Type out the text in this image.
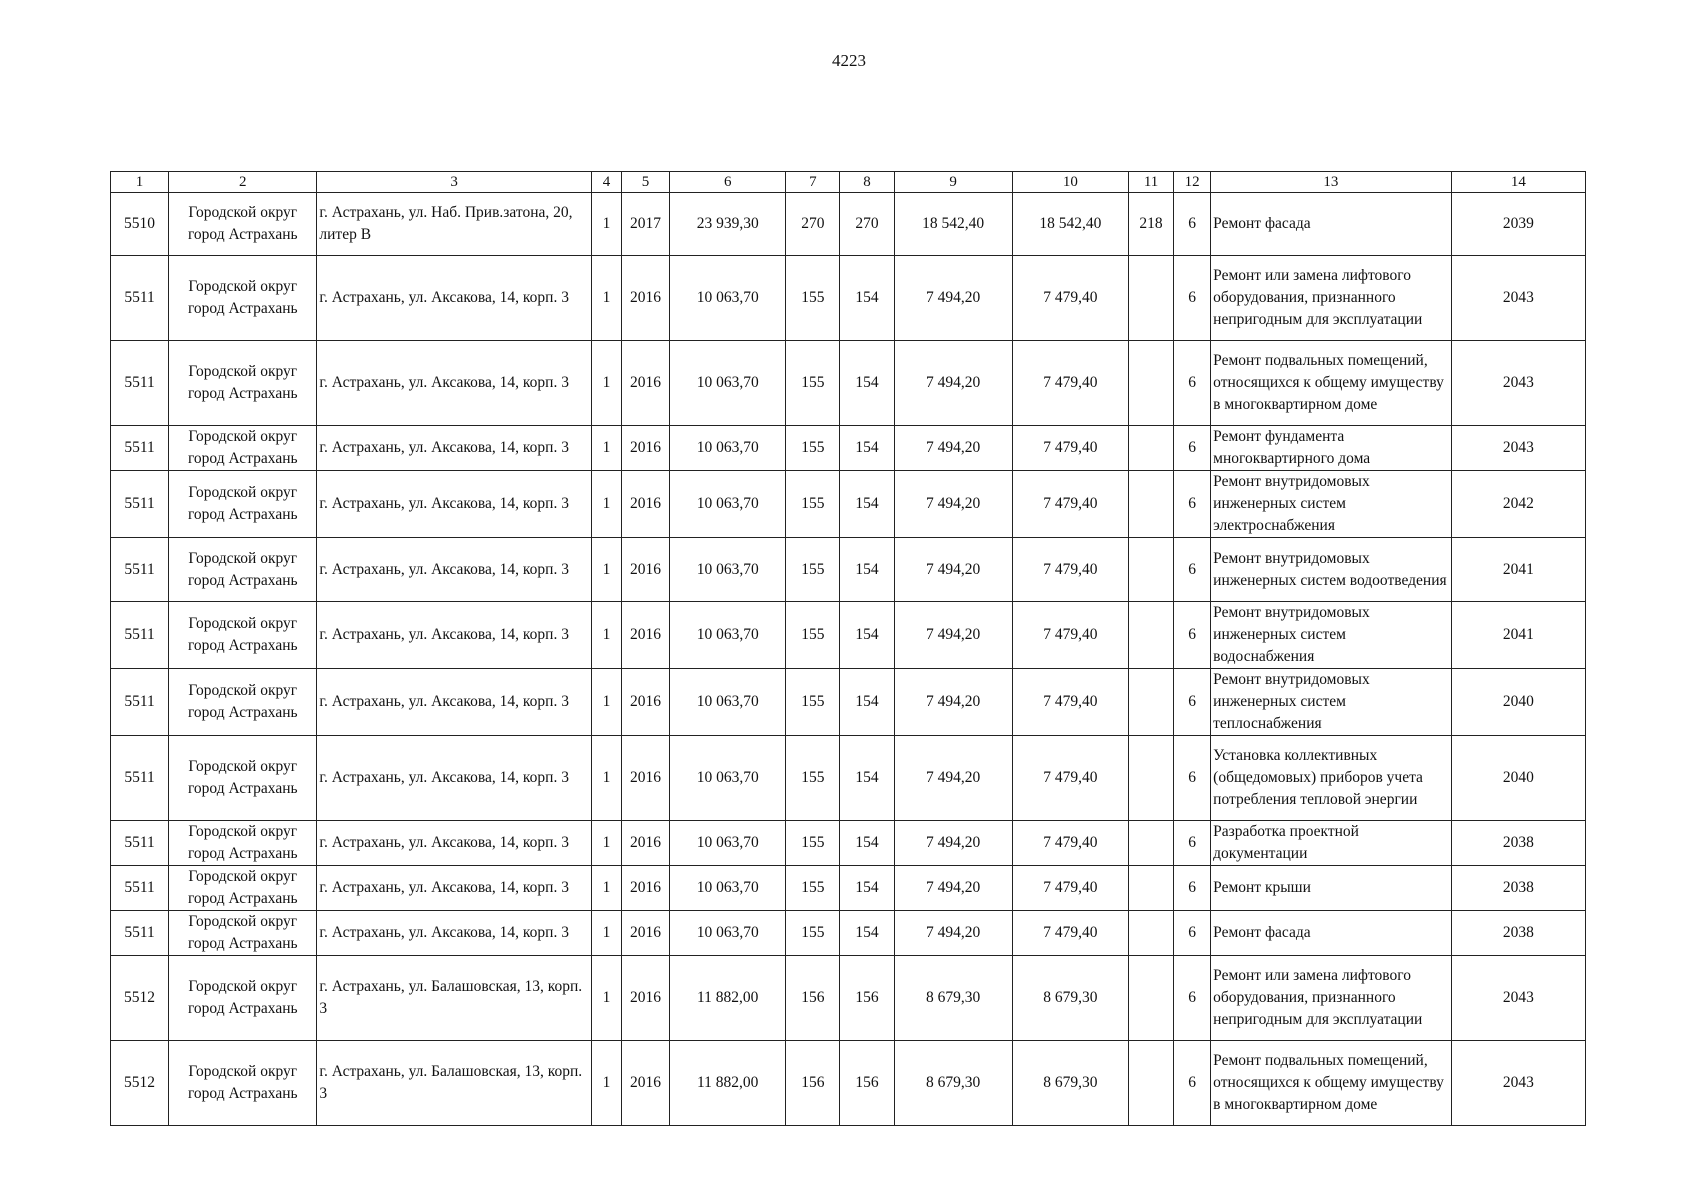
4223
1	2	3	4	5	6	7	8	9	10	11	12	13	14
5510	Городской округ город Астрахань	г. Астрахань, ул. Наб. Прив.затона, 20, литер В	1	2017	23 939,30	270	270	18 542,40	18 542,40	218	6	Ремонт фасада	2039
5511	Городской округ город Астрахань	г. Астрахань, ул. Аксакова, 14, корп. 3	1	2016	10 063,70	155	154	7 494,20	7 479,40		6	Ремонт или замена лифтового оборудования, признанного непригодным для эксплуатации	2043
5511	Городской округ город Астрахань	г. Астрахань, ул. Аксакова, 14, корп. 3	1	2016	10 063,70	155	154	7 494,20	7 479,40		6	Ремонт подвальных помещений, относящихся к общему имуществу в многоквартирном доме	2043
5511	Городской округ город Астрахань	г. Астрахань, ул. Аксакова, 14, корп. 3	1	2016	10 063,70	155	154	7 494,20	7 479,40		6	Ремонт фундамента многоквартирного дома	2043
5511	Городской округ город Астрахань	г. Астрахань, ул. Аксакова, 14, корп. 3	1	2016	10 063,70	155	154	7 494,20	7 479,40		6	Ремонт внутридомовых инженерных систем электроснабжения	2042
5511	Городской округ город Астрахань	г. Астрахань, ул. Аксакова, 14, корп. 3	1	2016	10 063,70	155	154	7 494,20	7 479,40		6	Ремонт внутридомовых инженерных систем водоотведения	2041
5511	Городской округ город Астрахань	г. Астрахань, ул. Аксакова, 14, корп. 3	1	2016	10 063,70	155	154	7 494,20	7 479,40		6	Ремонт внутридомовых инженерных систем водоснабжения	2041
5511	Городской округ город Астрахань	г. Астрахань, ул. Аксакова, 14, корп. 3	1	2016	10 063,70	155	154	7 494,20	7 479,40		6	Ремонт внутридомовых инженерных систем теплоснабжения	2040
5511	Городской округ город Астрахань	г. Астрахань, ул. Аксакова, 14, корп. 3	1	2016	10 063,70	155	154	7 494,20	7 479,40		6	Установка коллективных (общедомовых) приборов учета потребления тепловой энергии	2040
5511	Городской округ город Астрахань	г. Астрахань, ул. Аксакова, 14, корп. 3	1	2016	10 063,70	155	154	7 494,20	7 479,40		6	Разработка проектной документации	2038
5511	Городской округ город Астрахань	г. Астрахань, ул. Аксакова, 14, корп. 3	1	2016	10 063,70	155	154	7 494,20	7 479,40		6	Ремонт крыши	2038
5511	Городской округ город Астрахань	г. Астрахань, ул. Аксакова, 14, корп. 3	1	2016	10 063,70	155	154	7 494,20	7 479,40		6	Ремонт фасада	2038
5512	Городской округ город Астрахань	г. Астрахань, ул. Балашовская, 13, корп. 3	1	2016	11 882,00	156	156	8 679,30	8 679,30		6	Ремонт или замена лифтового оборудования, признанного непригодным для эксплуатации	2043
5512	Городской округ город Астрахань	г. Астрахань, ул. Балашовская, 13, корп. 3	1	2016	11 882,00	156	156	8 679,30	8 679,30		6	Ремонт подвальных помещений, относящихся к общему имуществу в многоквартирном доме	2043
